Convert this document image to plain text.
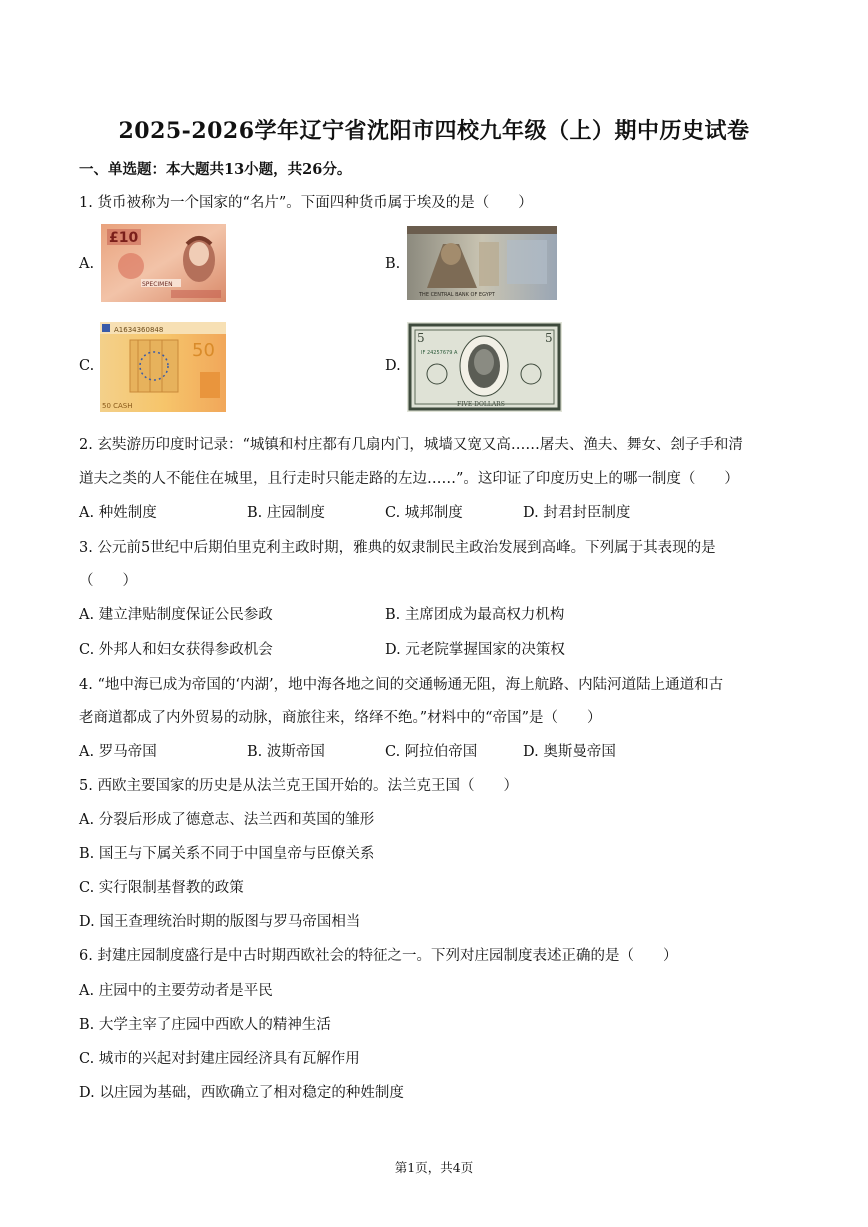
2025-2026学年辽宁省沈阳市四校九年级（上）期中历史试卷
一、单选题：本大题共13小题，共26分。
1. 货币被称为一个国家的“名片”。下面四种货币属于埃及的是（　　）
A.
£10
SPECIMEN
B.
THE CENTRAL BANK OF EGYPT
C.
A1634360848
50
50 CASH
D.
5	5
IF 24257679 A
FIVE DOLLARS
2. 玄奘游历印度时记录：“城镇和村庄都有几扇内门，城墙又宽又高……屠夫、渔夫、舞女、刽子手和清
道夫之类的人不能住在城里，且行走时只能走路的左边……”。这印证了印度历史上的哪一制度（　　）
A. 种姓制度	B. 庄园制度	C. 城邦制度	D. 封君封臣制度
3. 公元前5世纪中后期伯里克利主政时期，雅典的奴隶制民主政治发展到高峰。下列属于其表现的是
（　　）
A. 建立津贴制度保证公民参政	B. 主席团成为最高权力机构
C. 外邦人和妇女获得参政机会	D. 元老院掌握国家的决策权
4. “地中海已成为帝国的‘内湖’，地中海各地之间的交通畅通无阻，海上航路、内陆河道陆上通道和古
老商道都成了内外贸易的动脉，商旅往来，络绎不绝。”材料中的“帝国”是（　　）
A. 罗马帝国	B. 波斯帝国	C. 阿拉伯帝国	D. 奥斯曼帝国
5. 西欧主要国家的历史是从法兰克王国开始的。法兰克王国（　　）
A. 分裂后形成了德意志、法兰西和英国的雏形
B. 国王与下属关系不同于中国皇帝与臣僚关系
C. 实行限制基督教的政策
D. 国王查理统治时期的版图与罗马帝国相当
6. 封建庄园制度盛行是中古时期西欧社会的特征之一。下列对庄园制度表述正确的是（　　）
A. 庄园中的主要劳动者是平民
B. 大学主宰了庄园中西欧人的精神生活
C. 城市的兴起对封建庄园经济具有瓦解作用
D. 以庄园为基础，西欧确立了相对稳定的种姓制度
第1页，共4页
